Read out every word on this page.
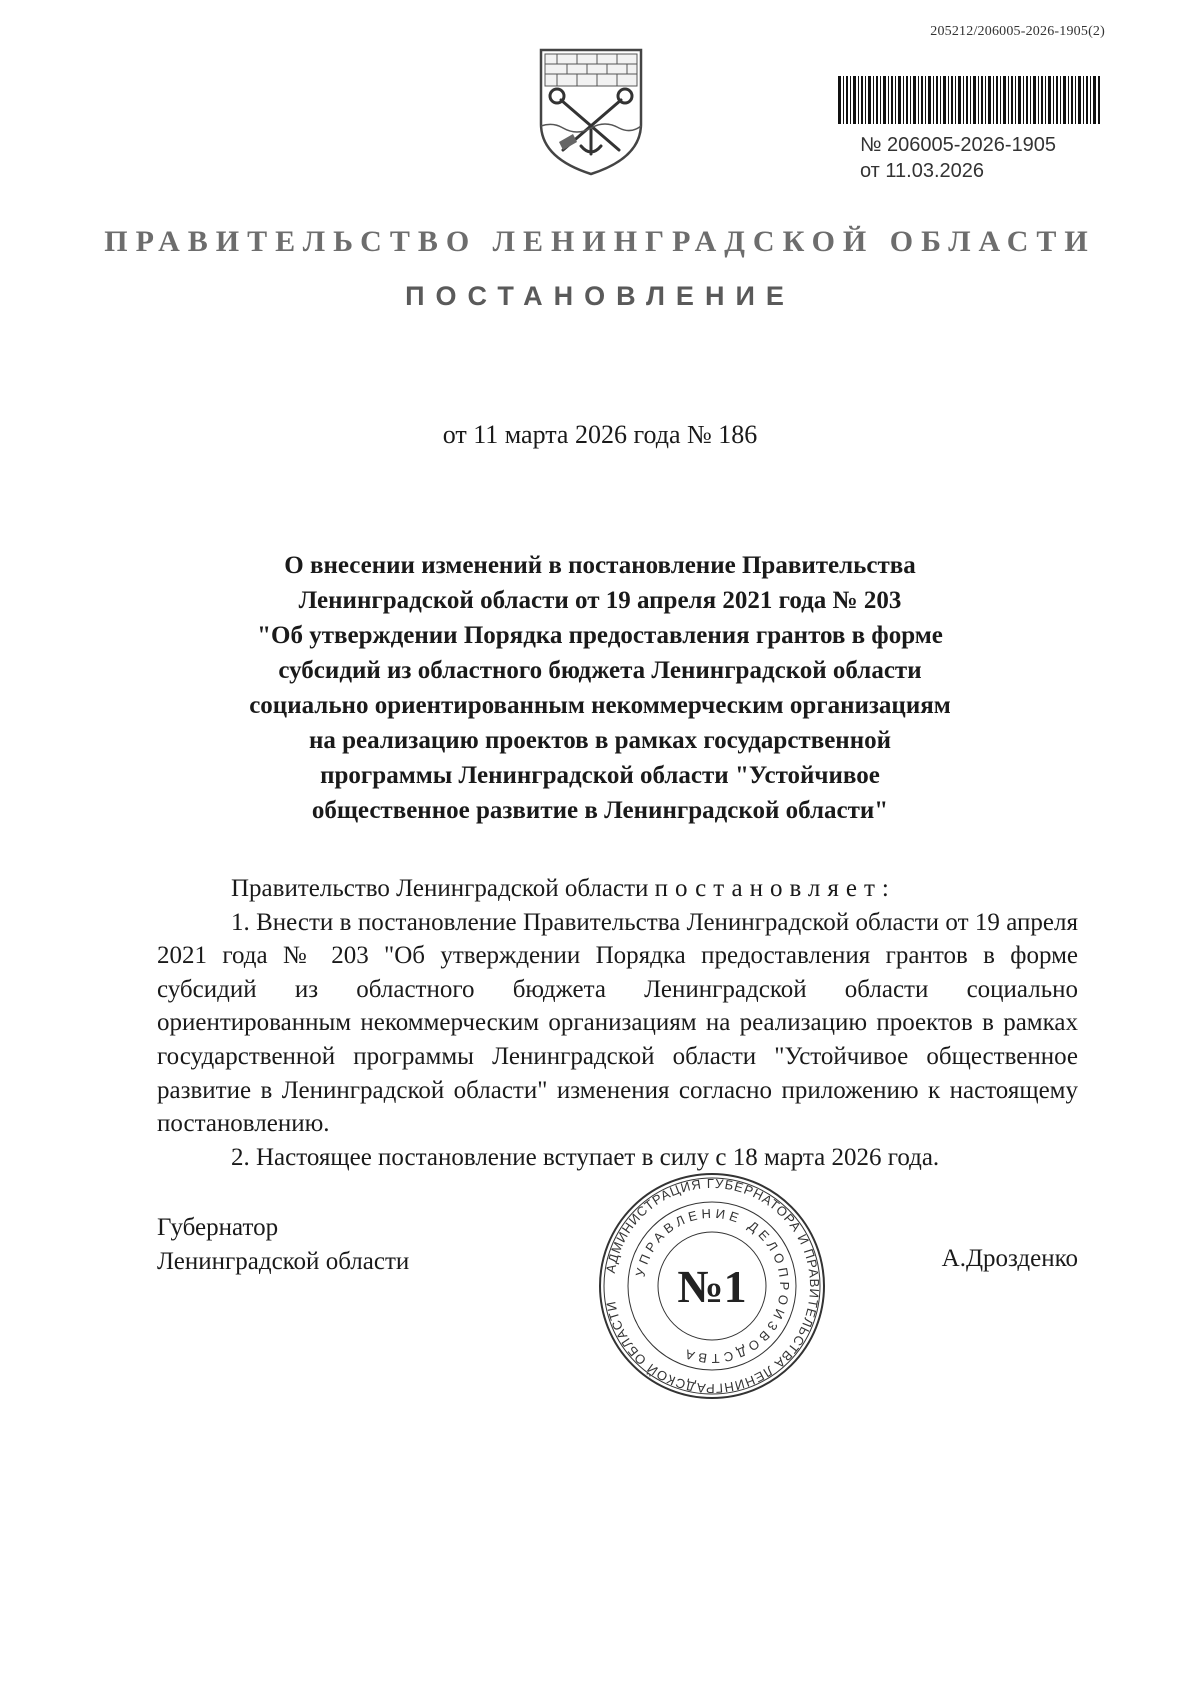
205212/206005-2026-1905(2)
№ 206005-2026-1905
от 11.03.2026
ПРАВИТЕЛЬСТВО ЛЕНИНГРАДСКОЙ ОБЛАСТИ
ПОСТАНОВЛЕНИЕ
от 11 марта 2026 года № 186
О внесении изменений в постановление Правительства
Ленинградской области от 19 апреля 2021 года № 203
"Об утверждении Порядка предоставления грантов в форме
субсидий из областного бюджета Ленинградской области
социально ориентированным некоммерческим организациям
на реализацию проектов в рамках государственной
программы Ленинградской области "Устойчивое
общественное развитие в Ленинградской области"
Правительство Ленинградской области постановляет:
1. Внести в постановление Правительства Ленинградской области от 19 апреля 2021 года № 203 "Об утверждении Порядка предоставления грантов в форме субсидий из областного бюджета Ленинградской области социально ориентированным некоммерческим организациям на реализацию проектов в рамках государственной программы Ленинградской области "Устойчивое общественное развитие в Ленинградской области" изменения согласно приложению к настоящему постановлению.
2. Настоящее постановление вступает в силу с 18 марта 2026 года.
Губернатор
Ленинградской области	А.Дрозденко
АДМИНИСТРАЦИЯ ГУБЕРНАТОРА И ПРАВИТЕЛЬСТВА ЛЕНИНГРАДСКОЙ ОБЛАСТИ
УПРАВЛЕНИЕ ДЕЛОПРОИЗВОДСТВА
№1
